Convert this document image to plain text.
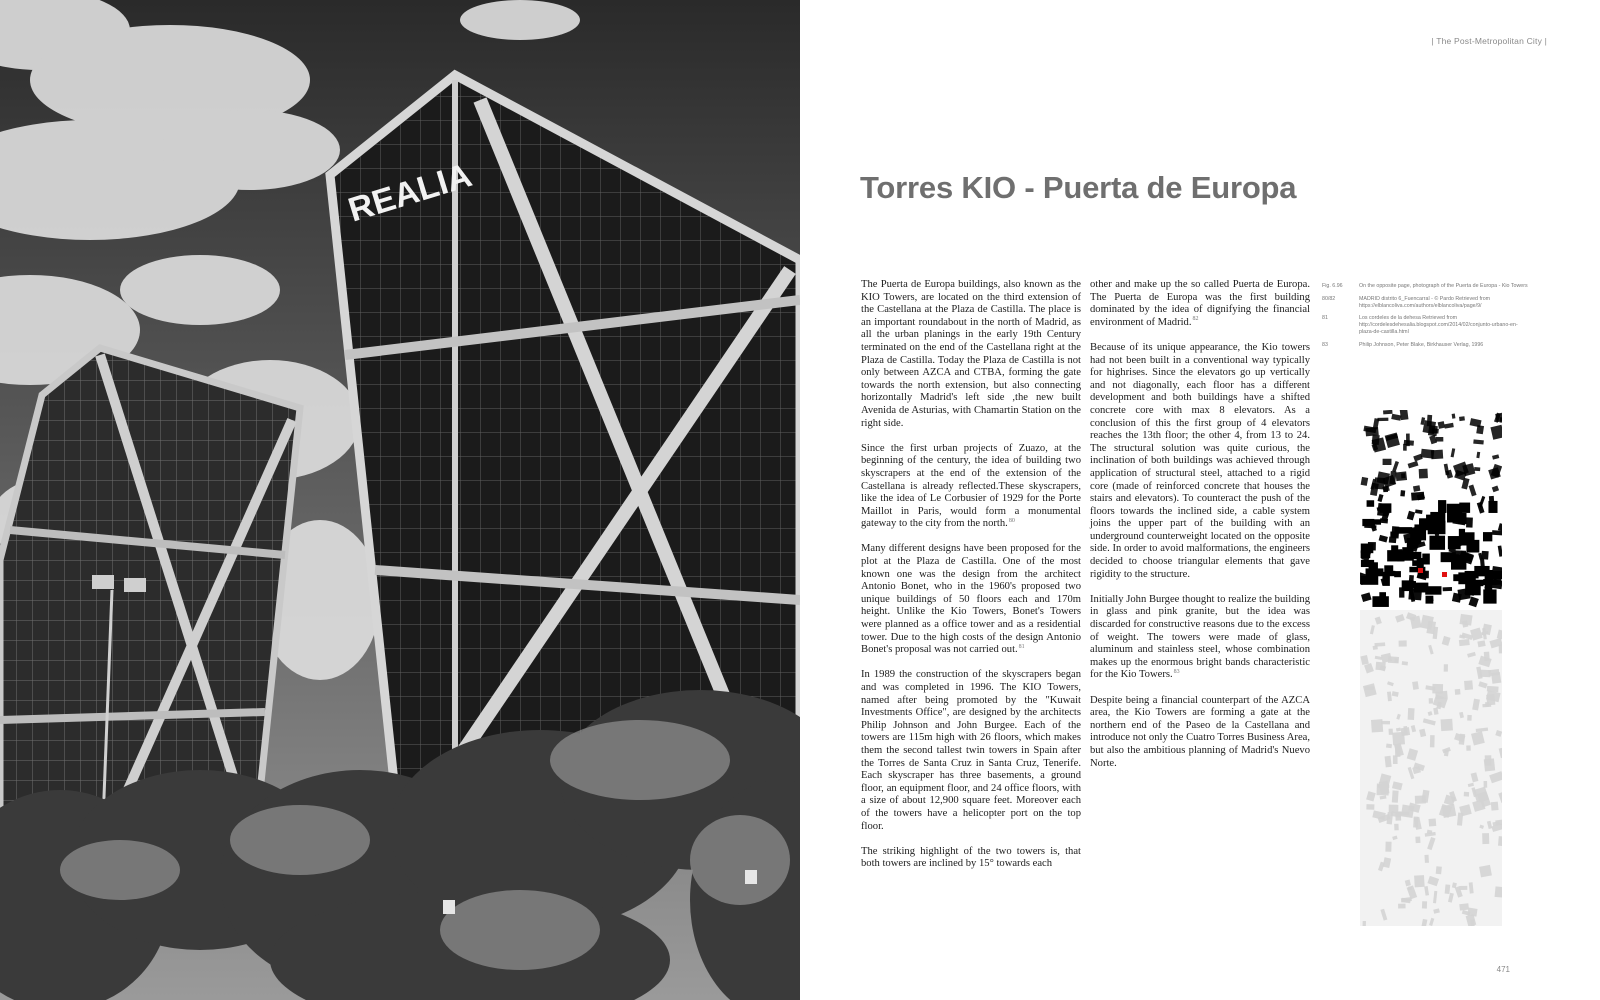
REALIA
| The Post-Metropolitan City |
Torres KIO - Puerta de Europa

The Puerta de Europa buildings, also known as the KIO Towers, are located on the third extension of the Castellana at the Plaza de Castilla. The place is an important roundabout in the north of Madrid, as all the urban planings in the early 19th Century terminated on the end of the Castellana right at the Plaza de Castilla. Today the Plaza de Castilla is not only between AZCA and CTBA, forming the gate towards the north extension, but also connecting horizontally Madrid's left side ,the new built Avenida de Asturias, with Chamartin Station on the right side.

Since the first urban projects of Zuazo, at the beginning of the century, the idea of building two skyscrapers at the end of the extension of the Castellana is already reflected.These skyscrapers, like the idea of Le Corbusier of 1929 for the Porte Maillot in Paris, would form a monumental gateway to the city from the north.$^{80}$

Many different designs have been proposed for the plot at the Plaza de Castilla. One of the most known one was the design from the architect Antonio Bonet, who in the 1960's proposed two unique buildings of 50 floors each and 170m height. Unlike the Kio Towers, Bonet's Towers were planned as a office tower and as a residential tower. Due to the high costs of the design Antonio Bonet's proposal was not carried out.$^{81}$

In 1989 the construction of the skyscrapers began and was completed in 1996. The KIO Towers, named after being promoted by the "Kuwait Investments Office", are designed by the architects Philip Johnson and John Burgee. Each of the towers are 115m high with 26 floors, which makes them the second tallest twin towers in Spain after the Torres de Santa Cruz in Santa Cruz, Tenerife. Each skyscraper has three basements, a ground floor, an equipment floor, and 24 office floors, with a size of about 12,900 square feet. Moreover each of the towers have a helicopter port on the top floor.

The striking highlight of the two towers is, that both towers are inclined by 15° towards each

other and make up the so called Puerta de Europa. The Puerta de Europa was the first building dominated by the idea of dignifying the financial environment of Madrid.$^{82}$

Because of its unique appearance, the Kio towers had not been built in a conventional way typically for highrises. Since the elevators go up vertically and not diagonally, each floor has a different development and both buildings have a shifted concrete core with max 8 elevators. As a conclusion of this the first group of 4 elevators reaches the 13th floor; the other 4, from 13 to 24. The structural solution was quite curious, the inclination of both buildings was achieved through application of structural steel, attached to a rigid core (made of reinforced concrete that houses the stairs and elevators). To counteract the push of the floors towards the inclined side, a cable system joins the upper part of the building with an underground counterweight located on the opposite side. In order to avoid malformations, the engineers decided to choose triangular elements that gave rigidity to the structure.

Initially John Burgee thought to realize the building in glass and pink granite, but the idea was discarded for constructive reasons due to the excess of weight. The towers were made of glass, aluminum and stainless steel, whose combination makes up the enormous bright bands characteristic for the Kio Towers.$^{83}$

Despite being a financial counterpart of the AZCA area, the Kio Towers are forming a gate at the northern end of the Paseo de la Castellana and introduce not only the Cuatro Torres Business Area, but also the ambitious planning of Madrid's Nuevo Norte.

Fig. 6.96	On the opposite page, photograph of the Puerta de Europa - Kio Towers
80/82	MADRID distrito 6_Fuencarral - © Pardo Retrieved from https://elblancoliva.com/authors/elblancoliva/page/9/
81	Los cordeles de la dehesa Retrieved from http://cordelesdehesalia.blogspot.com/2014/02/conjunto-urbano-en-plaza-de-castilla.html
83	Philip Johnson, Peter Blake, Birkhauser Verlag, 1996
471
